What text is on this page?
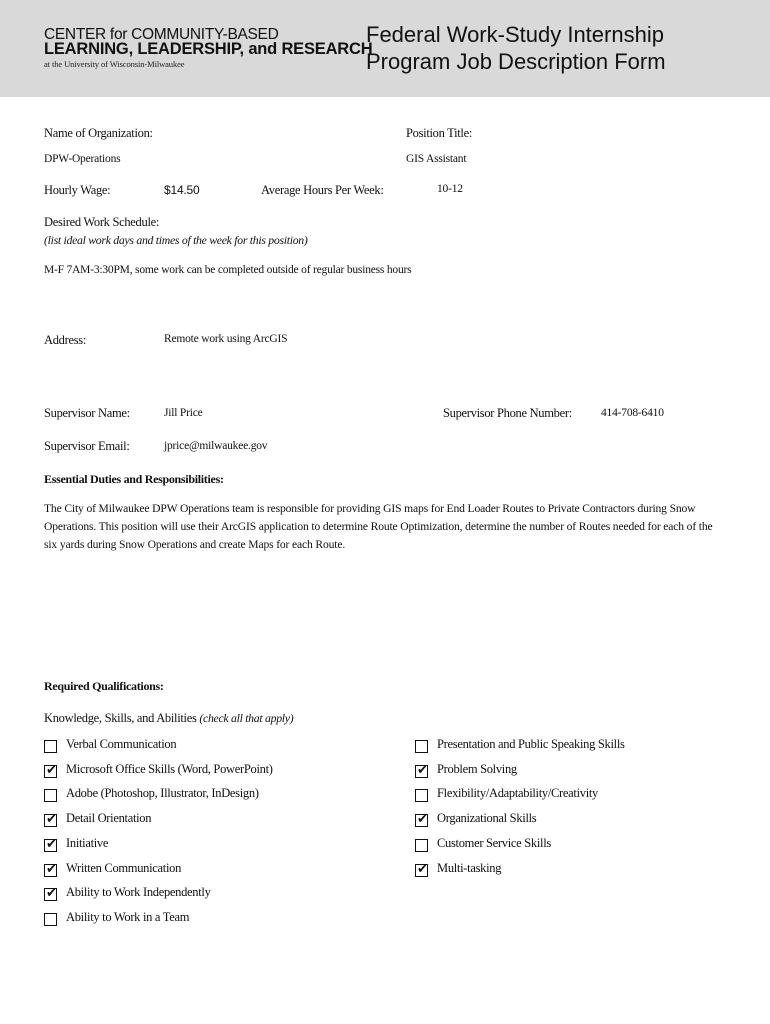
CENTER for COMMUNITY-BASED
LEARNING, LEADERSHIP, and RESEARCH
at the University of Wisconsin-Milwaukee
Federal Work-Study Internship
Program Job Description Form
Name of Organization:
DPW-Operations
Position Title:
GIS Assistant
Hourly Wage:	$14.50	Average Hours Per Week:	10-12
Desired Work Schedule:
(list ideal work days and times of the week for this position)
M-F 7AM-3:30PM, some work can be completed outside of regular business hours
Address:	Remote work using ArcGIS
Supervisor Name:	Jill Price	Supervisor Phone Number:	414-708-6410
Supervisor Email:	jprice@milwaukee.gov
Essential Duties and Responsibilities:
The City of Milwaukee DPW Operations team is responsible for providing GIS maps for End Loader Routes to Private Contractors during Snow Operations. This position will use their ArcGIS application to determine Route Optimization, determine the number of Routes needed for each of the six yards during Snow Operations and create Maps for each Route.
Required Qualifications:
Knowledge, Skills, and Abilities (check all that apply)
Verbal Communication
✔ Microsoft Office Skills (Word, PowerPoint)
Adobe (Photoshop, Illustrator, InDesign)
✔ Detail Orientation
✔ Initiative
✔ Written Communication
✔ Ability to Work Independently
Ability to Work in a Team
Presentation and Public Speaking Skills
✔ Problem Solving
Flexibility/Adaptability/Creativity
✔ Organizational Skills
Customer Service Skills
✔ Multi-tasking
